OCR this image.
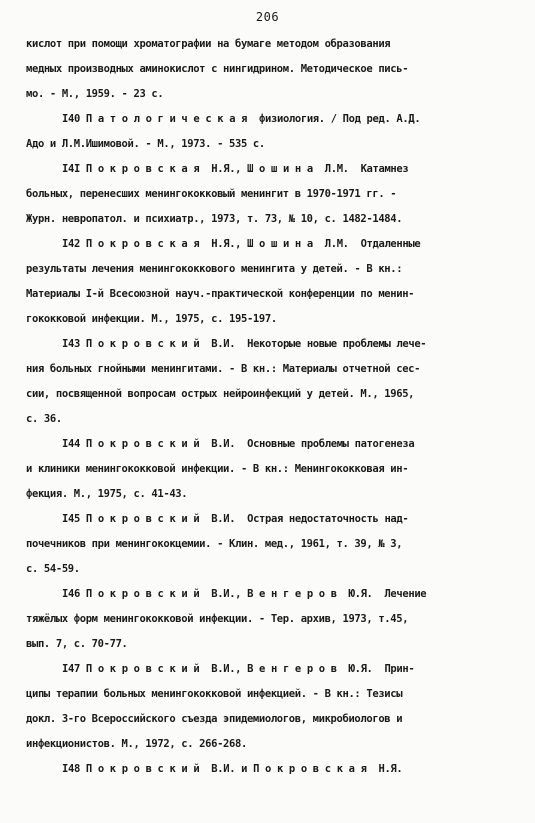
206
кислот при помощи хроматографии на бумаге методом образования
медных производных аминокислот с нингидрином. Методическое пись-
мо. - М., 1959. - 23 с.
I40 П а т о л о г и ч е с к а я  физиология. / Под ред. А.Д.
Адо и Л.М.Ишимовой. - М., 1973. - 535 с.
I4I П о к р о в с к а я  Н.Я., Ш о ш и н а  Л.М.  Катамнез
больных, перенесших менингококковый менингит в 1970-1971 гг. -
Журн. невропатол. и психиатр., 1973, т. 73, № 10, с. 1482-1484.
I42 П о к р о в с к а я  Н.Я., Ш о ш и н а  Л.М.  Отдаленные
результаты лечения менингококкового менингита у детей. - В кн.:
Материалы I-й Всесоюзной науч.-практической конференции по менин-
гококковой инфекции. М., 1975, с. 195-197.
I43 П о к р о в с к и й  В.И.  Некоторые новые проблемы лече-
ния больных гнойными менингитами. - В кн.: Материалы отчетной сес-
сии, посвященной вопросам острых нейроинфекций у детей. М., 1965,
с. 36.
I44 П о к р о в с к и й  В.И.  Основные проблемы патогенеза
и клиники менингококковой инфекции. - В кн.: Менингококковая ин-
фекция. М., 1975, с. 41-43.
I45 П о к р о в с к и й  В.И.  Острая недостаточность над-
почечников при менингококцемии. - Клин. мед., 1961, т. 39, № 3,
с. 54-59.
I46 П о к р о в с к и й  В.И., В е н г е р о в  Ю.Я.  Лечение
тяжёлых форм менингококковой инфекции. - Тер. архив, 1973, т.45,
вып. 7, с. 70-77.
I47 П о к р о в с к и й  В.И., В е н г е р о в  Ю.Я.  Прин-
ципы терапии больных менингококковой инфекцией. - В кн.: Тезисы
докл. 3-го Всероссийского съезда эпидемиологов, микробиологов и
инфекционистов. М., 1972, с. 266-268.
I48 П о к р о в с к и й  В.И. и П о к р о в с к а я  Н.Я.
